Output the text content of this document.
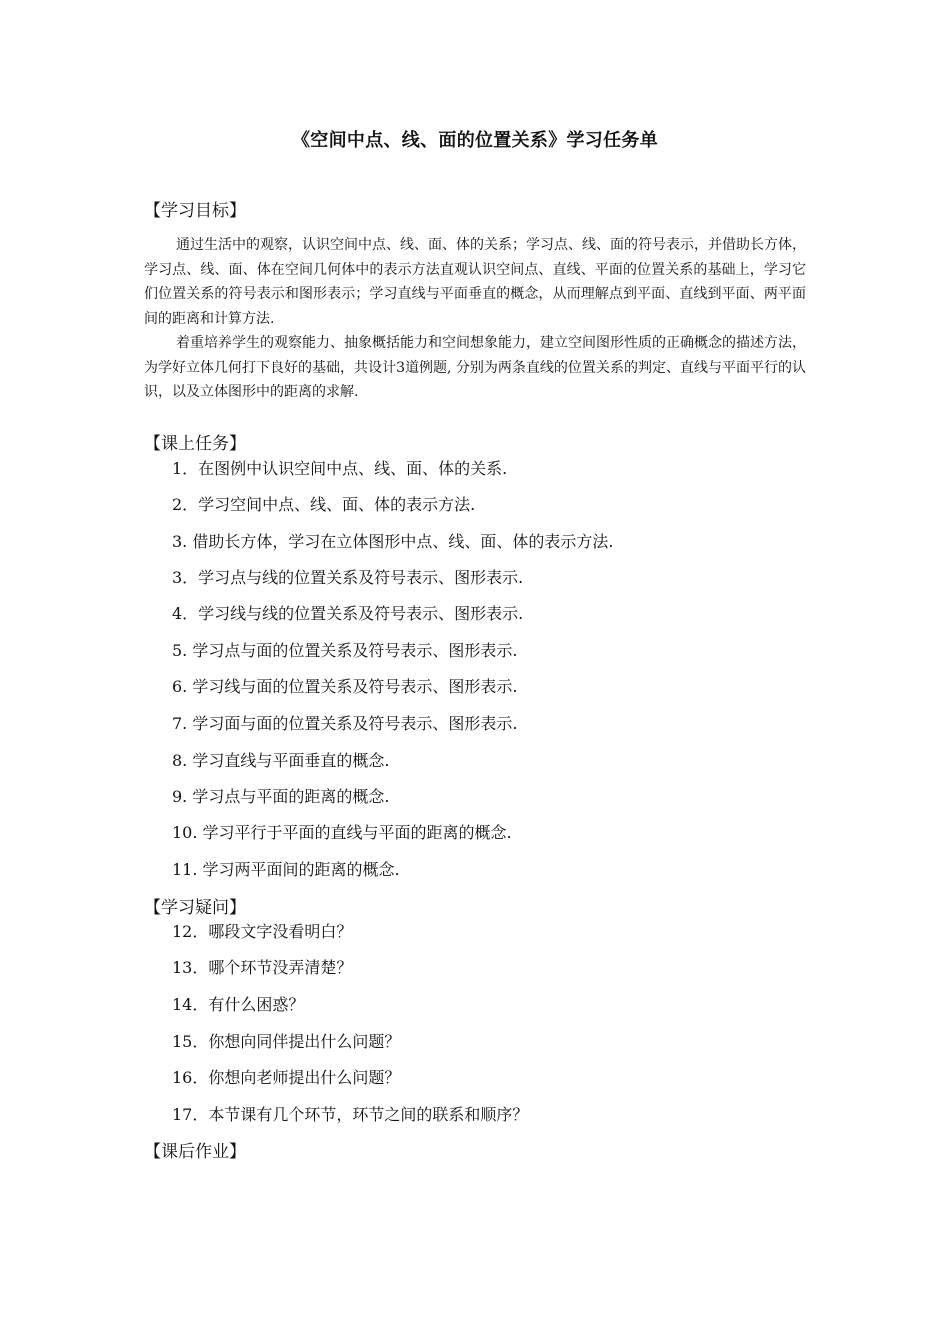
《空间中点、线、面的位置关系》学习任务单
【学习目标】
通过生活中的观察，认识空间中点、线、面、体的关系；学习点、线、面的符号表示，并借助长方体，学习点、线、面、体在空间几何体中的表示方法直观认识空间点、直线、平面的位置关系的基础上，学习它们位置关系的符号表示和图形表示；学习直线与平面垂直的概念，从而理解点到平面、直线到平面、两平面间的距离和计算方法.
着重培养学生的观察能力、抽象概括能力和空间想象能力，建立空间图形性质的正确概念的描述方法，为学好立体几何打下良好的基础，共设计3道例题, 分别为两条直线的位置关系的判定、直线与平面平行的认识，以及立体图形中的距离的求解.
【课上任务】
1．在图例中认识空间中点、线、面、体的关系.
2．学习空间中点、线、面、体的表示方法.
3. 借助长方体，学习在立体图形中点、线、面、体的表示方法.
3．学习点与线的位置关系及符号表示、图形表示.
4．学习线与线的位置关系及符号表示、图形表示.
5. 学习点与面的位置关系及符号表示、图形表示.
6. 学习线与面的位置关系及符号表示、图形表示.
7. 学习面与面的位置关系及符号表示、图形表示.
8. 学习直线与平面垂直的概念.
9. 学习点与平面的距离的概念.
10. 学习平行于平面的直线与平面的距离的概念.
11. 学习两平面间的距离的概念.
【学习疑问】
12．哪段文字没看明白？
13．哪个环节没弄清楚？
14．有什么困惑？
15．你想向同伴提出什么问题？
16．你想向老师提出什么问题？
17．本节课有几个环节，环节之间的联系和顺序？
【课后作业】
